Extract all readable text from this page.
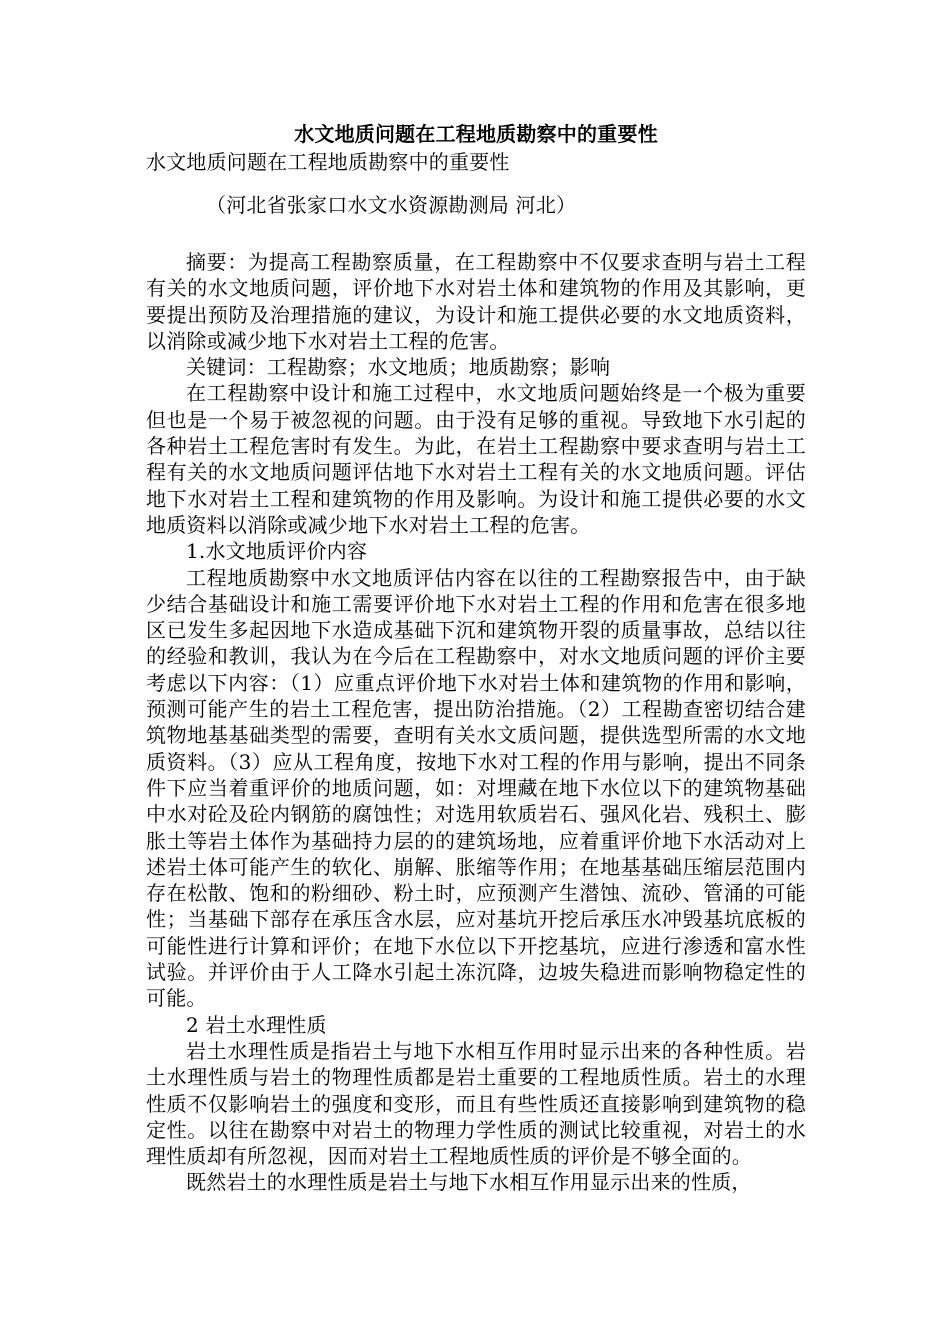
水文地质问题在工程地质勘察中的重要性

水文地质问题在工程地质勘察中的重要性

（河北省张家口水文水资源勘测局 河北）

摘要：为提高工程勘察质量，在工程勘察中不仅要求查明与岩土工程有关的水文地质问题，评价地下水对岩土体和建筑物的作用及其影响，更要提出预防及治理措施的建议，为设计和施工提供必要的水文地质资料，以消除或减少地下水对岩土工程的危害。

关键词：工程勘察；水文地质；地质勘察；影响

在工程勘察中设计和施工过程中，水文地质问题始终是一个极为重要但也是一个易于被忽视的问题。由于没有足够的重视。导致地下水引起的各种岩土工程危害时有发生。为此，在岩土工程勘察中要求查明与岩土工程有关的水文地质问题评估地下水对岩土工程有关的水文地质问题。评估地下水对岩土工程和建筑物的作用及影响。为设计和施工提供必要的水文地质资料以消除或减少地下水对岩土工程的危害。

1.水文地质评价内容

工程地质勘察中水文地质评估内容在以往的工程勘察报告中，由于缺少结合基础设计和施工需要评价地下水对岩土工程的作用和危害在很多地区已发生多起因地下水造成基础下沉和建筑物开裂的质量事故，总结以往的经验和教训，我认为在今后在工程勘察中，对水文地质问题的评价主要考虑以下内容：（1）应重点评价地下水对岩土体和建筑物的作用和影响，预测可能产生的岩土工程危害，提出防治措施。（2）工程勘查密切结合建筑物地基基础类型的需要，查明有关水文质问题，提供选型所需的水文地质资料。（3）应从工程角度，按地下水对工程的作用与影响，提出不同条件下应当着重评价的地质问题，如：对埋藏在地下水位以下的建筑物基础中水对砼及砼内钢筋的腐蚀性；对选用软质岩石、强风化岩、残积土、膨胀土等岩土体作为基础持力层的的建筑场地，应着重评价地下水活动对上述岩土体可能产生的软化、崩解、胀缩等作用；在地基基础压缩层范围内存在松散、饱和的粉细砂、粉土时，应预测产生潜蚀、流砂、管涌的可能性；当基础下部存在承压含水层，应对基坑开挖后承压水冲毁基坑底板的可能性进行计算和评价；在地下水位以下开挖基坑，应进行渗透和富水性试验。并评价由于人工降水引起土冻沉降，边坡失稳进而影响物稳定性的可能。

2 岩土水理性质

岩土水理性质是指岩土与地下水相互作用时显示出来的各种性质。岩土水理性质与岩土的物理性质都是岩土重要的工程地质性质。岩土的水理性质不仅影响岩土的强度和变形，而且有些性质还直接影响到建筑物的稳定性。以往在勘察中对岩土的物理力学性质的测试比较重视，对岩土的水理性质却有所忽视，因而对岩土工程地质性质的评价是不够全面的。

既然岩土的水理性质是岩土与地下水相互作用显示出来的性质，
